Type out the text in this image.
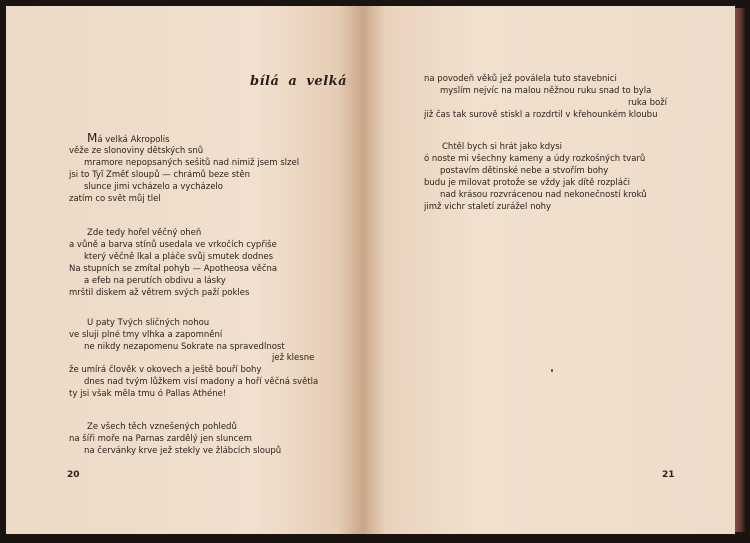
bílá a velká
Má velká Akropolis
věže ze slonoviny dětských snů
mramore nepopsaných sešitů nad nimiž jsem slzel
jsi to Tyǐ Změť sloupů — chrámů beze stěn
slunce jimi vcházelo a vycházelo
zatím co svět můj tlel
Zde tedy hořel věčný oheň
a vůně a barva stínů usedala ve vrkočích cypřiše
který věčně lkal a pláče svůj smutek dodnes
Na stupních se zmítal pohyb — Apotheosa věčna
a efeb na perutích obdivu a lásky
mrštil diskem až větrem svých paží pokles
U paty Tvých sličných nohou
ve sluji plné tmy vlhka a zapomnění
ne nikdy nezapomenu Sokrate na spravedlnost
jež klesne
že umírá člověk v okovech a ještě bouří bohy
dnes nad tvým lůžkem visí madony a hoří věčná světla
ty jsi však měla tmu ó Pallas Athéne!
Ze všech těch vznešených pohledů
na šíři moře na Parnas zardělý jen sluncem
na červánky krve jež stekly ve žlábcích sloupů
20
na povodeň věků jež pováIela tuto stavebnici
myslím nejvíc na malou něžnou ruku snad to byla
ruka boží
již čas tak surově stiskl a rozdrtil v křehounkém kloubu
Chtěl bych si hrát jako kdysi
ó noste mi všechny kameny a údy rozkošných tvarů
postavím dětinské nebe a stvořím bohy
budu je milovat protože se vždy jak dítě rozpláči
nad krásou rozvrácenou nad nekonečností kroků
jimž vichr staletí zurážel nohy
21
